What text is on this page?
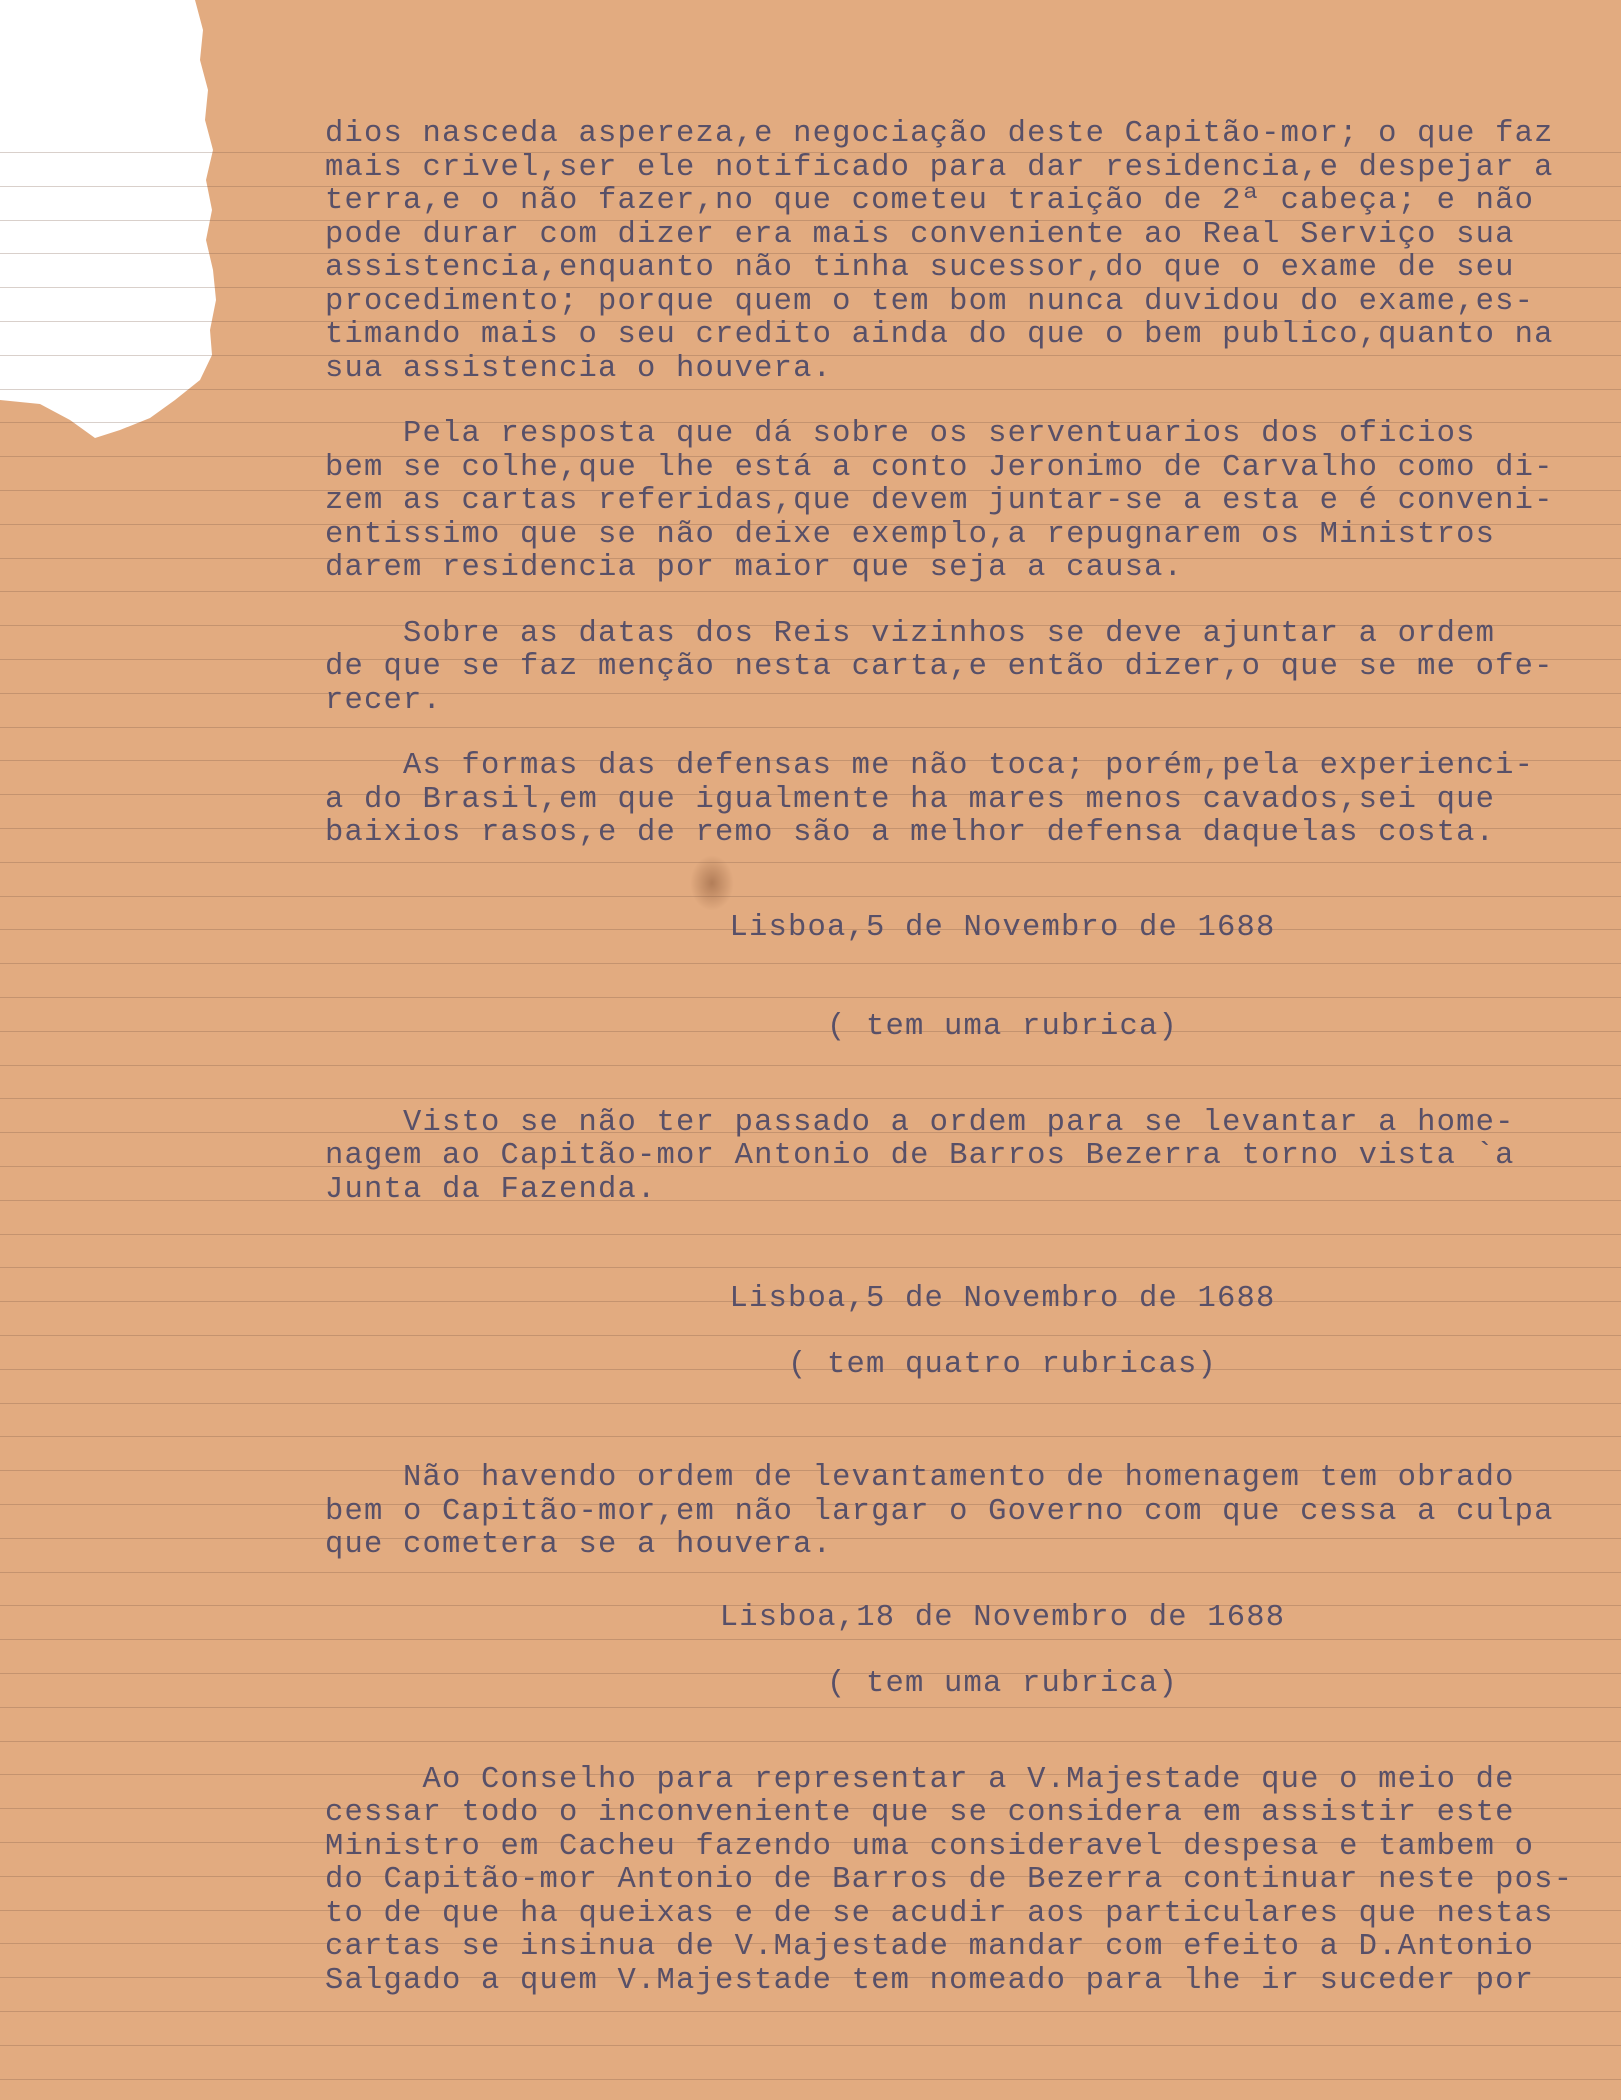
dios nasceda aspereza,e negociação deste Capitão-mor; o que faz
mais crivel,ser ele notificado para dar residencia,e despejar a
terra,e o não fazer,no que cometeu traição de 2ª cabeça; e não
pode durar com dizer era mais conveniente ao Real Serviço sua
assistencia,enquanto não tinha sucessor,do que o exame de seu
procedimento; porque quem o tem bom nunca duvidou do exame,es-
timando mais o seu credito ainda do que o bem publico,quanto na
sua assistencia o houvera.
Pela resposta que dá sobre os serventuarios dos oficios
bem se colhe,que lhe está a conto Jeronimo de Carvalho como di-
zem as cartas referidas,que devem juntar-se a esta e é conveni-
entissimo que se não deixe exemplo,a repugnarem os Ministros
darem residencia por maior que seja a causa.
Sobre as datas dos Reis vizinhos se deve ajuntar a ordem
de que se faz menção nesta carta,e então dizer,o que se me ofe-
recer.
As formas das defensas me não toca; porém,pela experienci-
a do Brasil,em que igualmente ha mares menos cavados,sei que
baixios rasos,e de remo são a melhor defensa daquelas costa.
Lisboa,5 de Novembro de 1688
( tem uma rubrica)
Visto se não ter passado a ordem para se levantar a home-
nagem ao Capitão-mor Antonio de Barros Bezerra torno vista `a
Junta da Fazenda.
Lisboa,5 de Novembro de 1688
( tem quatro rubricas)
Não havendo ordem de levantamento de homenagem tem obrado
bem o Capitão-mor,em não largar o Governo com que cessa a culpa
que cometera se a houvera.
Lisboa,18 de Novembro de 1688
( tem uma rubrica)
Ao Conselho para representar a V.Majestade que o meio de
cessar todo o inconveniente que se considera em assistir este
Ministro em Cacheu fazendo uma consideravel despesa e tambem o
do Capitão-mor Antonio de Barros de Bezerra continuar neste pos-
to de que ha queixas e de se acudir aos particulares que nestas
cartas se insinua de V.Majestade mandar com efeito a D.Antonio
Salgado a quem V.Majestade tem nomeado para lhe ir suceder por
